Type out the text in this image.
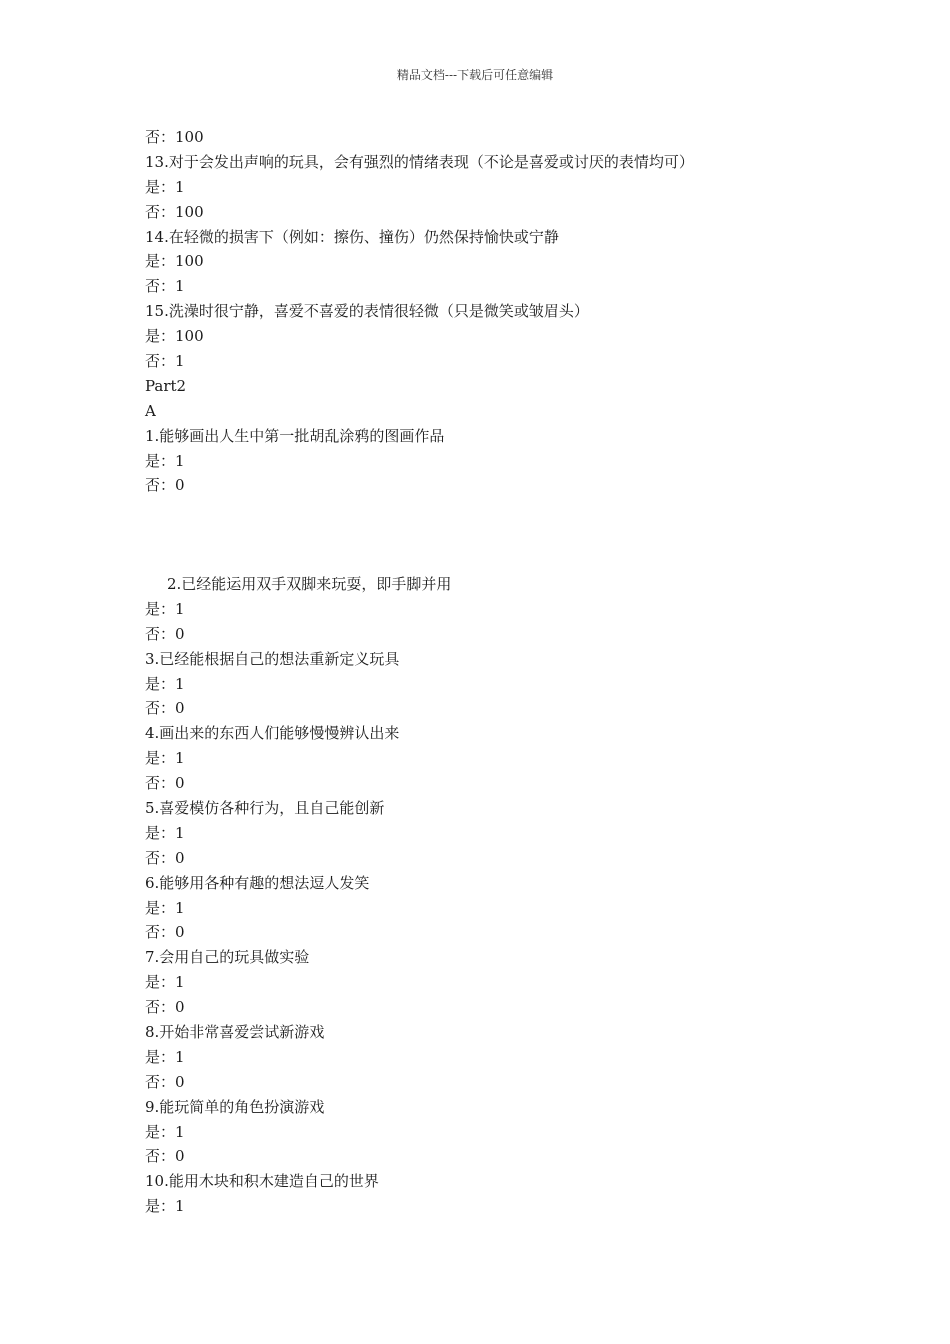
精品文档---下载后可任意编辑
否：100
13.对于会发出声响的玩具，会有强烈的情绪表现（不论是喜爱或讨厌的表情均可）
是：1
否：100
14.在轻微的损害下（例如：擦伤、撞伤）仍然保持愉快或宁静
是：100
否：1
15.洗澡时很宁静，喜爱不喜爱的表情很轻微（只是微笑或皱眉头）
是：100
否：1
Part2
A
1.能够画出人生中第一批胡乱涂鸦的图画作品
是：1
否：0
2.已经能运用双手双脚来玩耍，即手脚并用
是：1
否：0
3.已经能根据自己的想法重新定义玩具
是：1
否：0
4.画出来的东西人们能够慢慢辨认出来
是：1
否：0
5.喜爱模仿各种行为，且自己能创新
是：1
否：0
6.能够用各种有趣的想法逗人发笑
是：1
否：0
7.会用自己的玩具做实验
是：1
否：0
8.开始非常喜爱尝试新游戏
是：1
否：0
9.能玩简单的角色扮演游戏
是：1
否：0
10.能用木块和积木建造自己的世界
是：1
